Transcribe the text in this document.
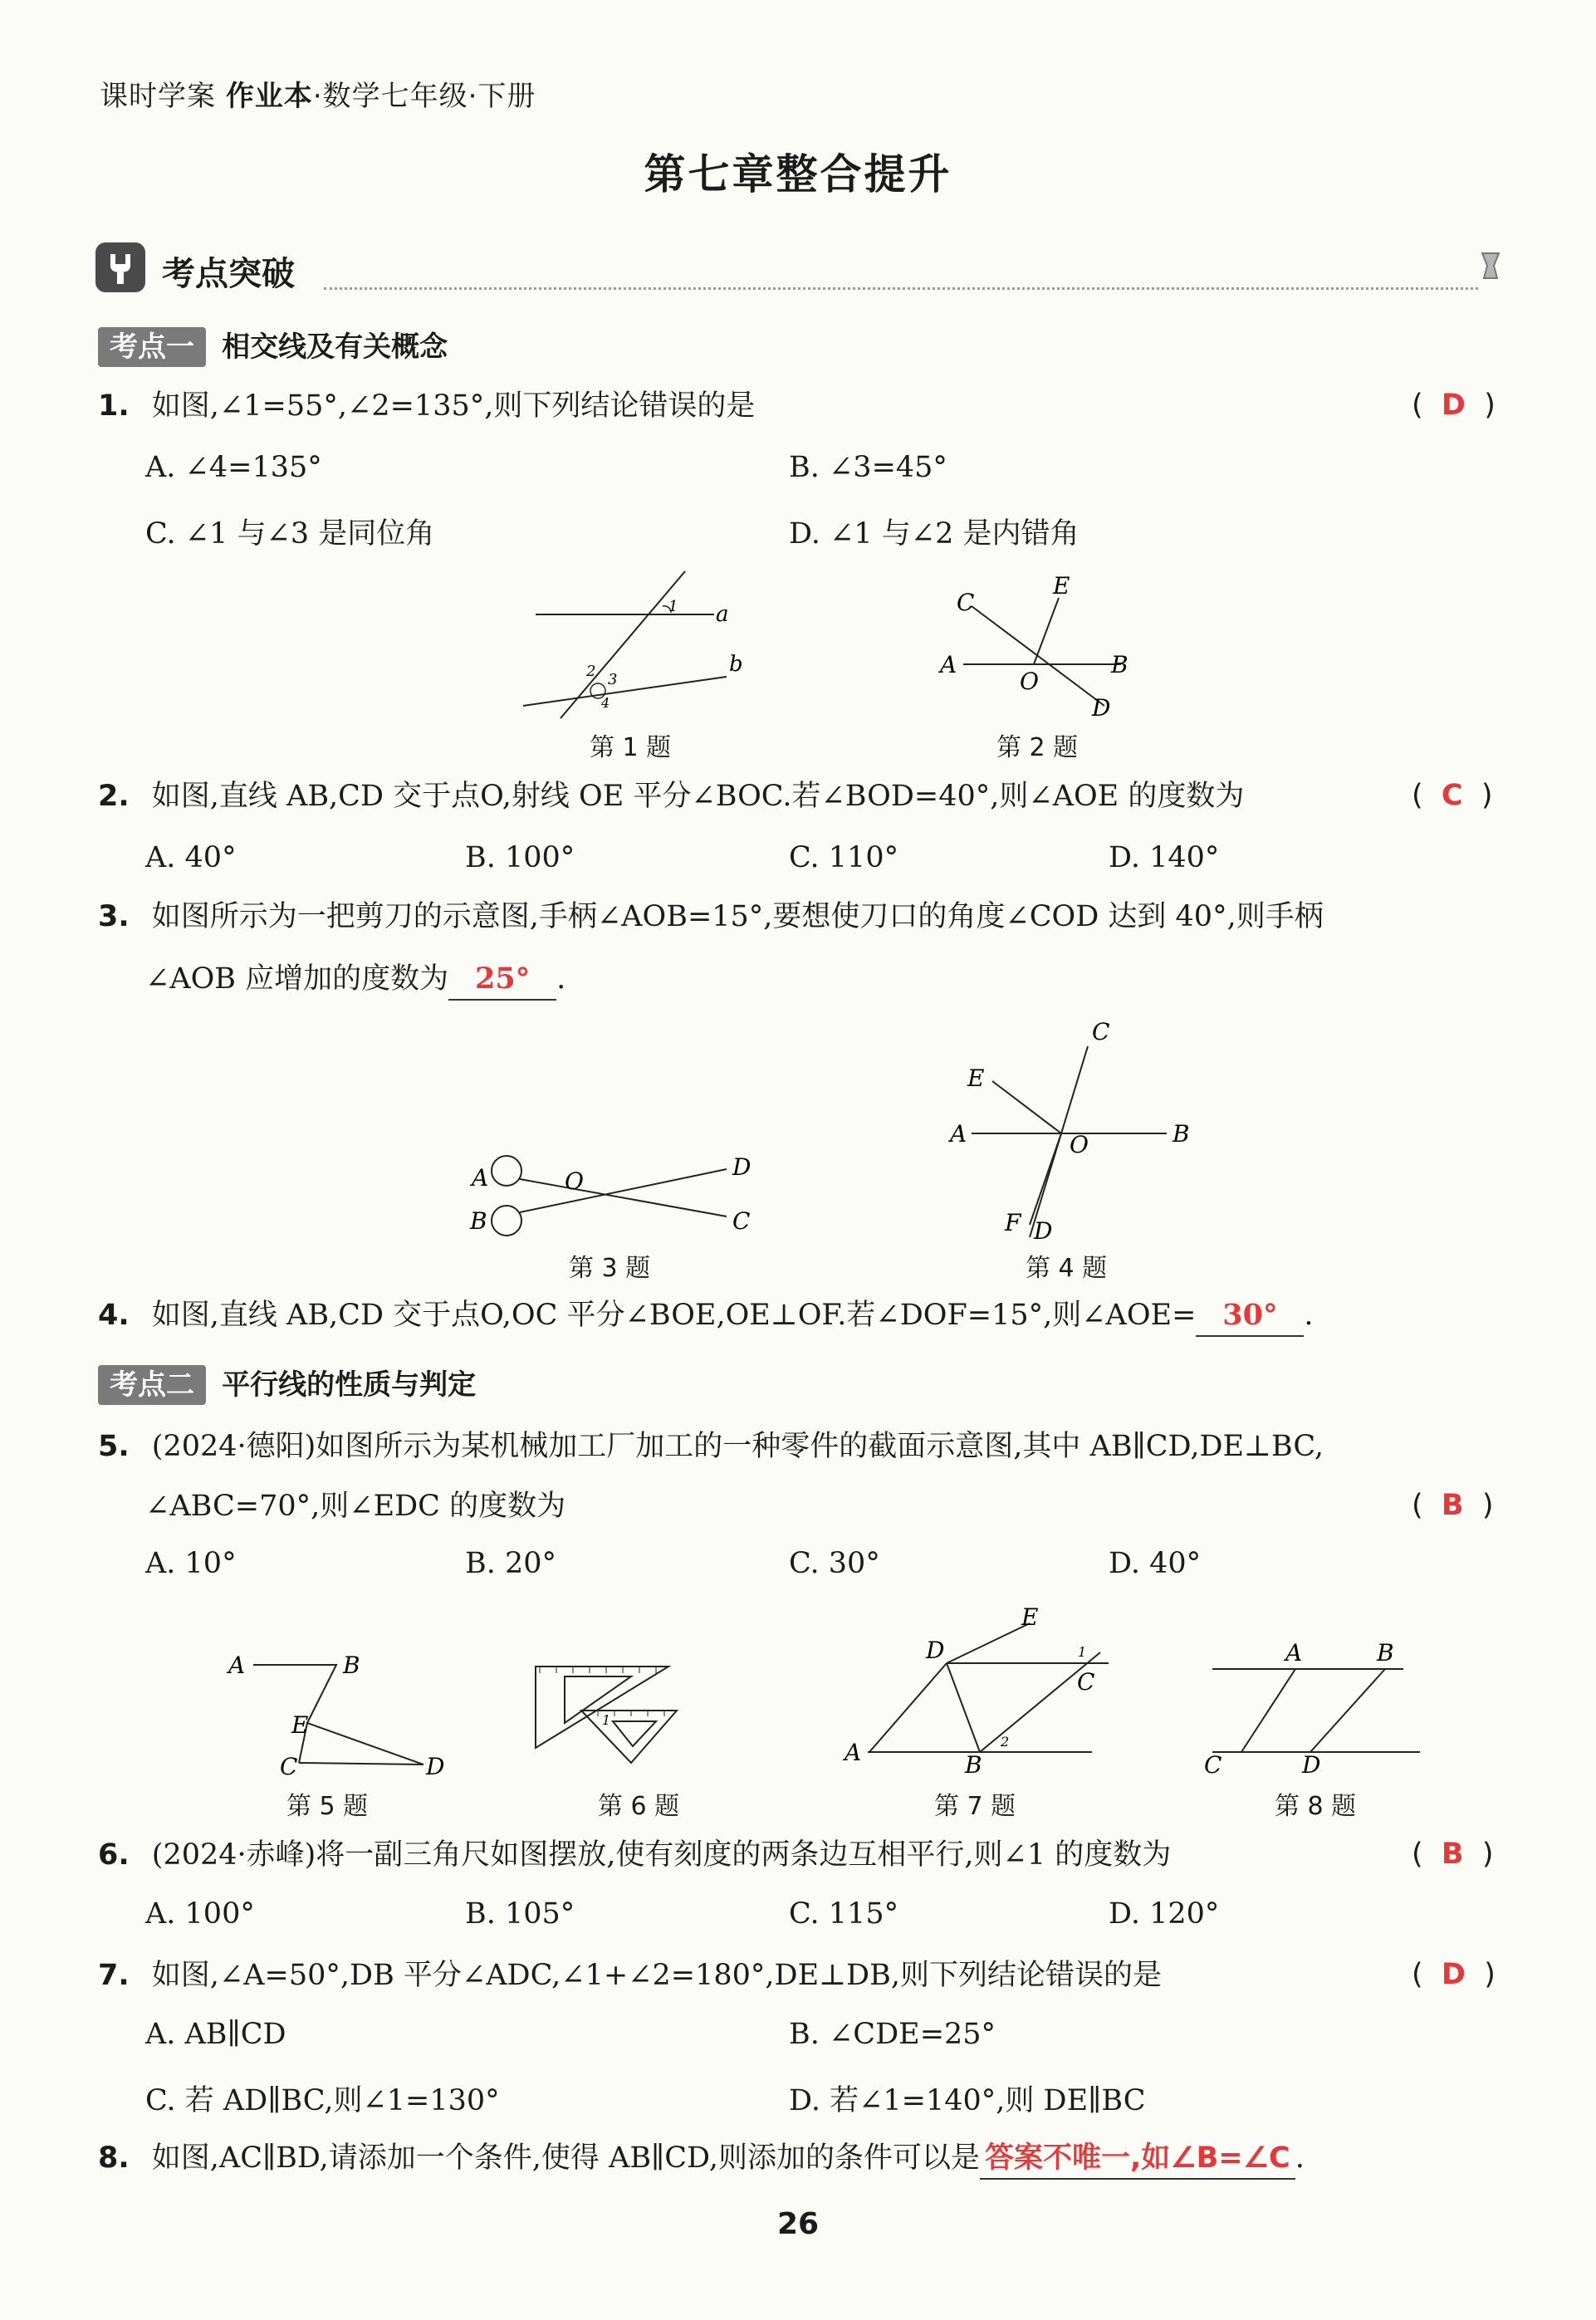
课时学案 作业本·数学七年级·下册
第七章整合提升
考点突破
考点一 相交线及有关概念
1. 如图,∠1=55°,∠2=135°,则下列结论错误的是	(  D  )
A. ∠4=135°	B. ∠3=45°
C. ∠1 与∠3 是同位角	D. ∠1 与∠2 是内错角
1 a
2 3
4
b
第 1 题
C
E
A
O
B
D
第 2 题
2. 如图,直线 AB,CD 交于点O,射线 OE 平分∠BOC.若∠BOD=40°,则∠AOE 的度数为	(  C  )
A. 40°	B. 100°	C. 110°	D. 140°
3. 如图所示为一把剪刀的示意图,手柄∠AOB=15°,要想使刀口的角度∠COD 达到 40°,则手柄
∠AOB 应增加的度数为 25° .
A	O
D
B	C
第 3 题
C
E
A	O	B
F D
第 4 题
4. 如图,直线 AB,CD 交于点O,OC 平分∠BOE,OE⊥OF.若∠DOF=15°,则∠AOE= 30° .
考点二 平行线的性质与判定
5. (2024·德阳)如图所示为某机械加工厂加工的一种零件的截面示意图,其中 AB∥CD,DE⊥BC,
∠ABC=70°,则∠EDC 的度数为	(  B  )
A. 10°	B. 20°	C. 30°	D. 40°
A	B
E
C	D
第 5 题
1
第 6 题
D
E
1
C
A	B
2
第 7 题
A	B
C	D
第 8 题
6. (2024·赤峰)将一副三角尺如图摆放,使有刻度的两条边互相平行,则∠1 的度数为	(  B  )
A. 100°	B. 105°	C. 115°	D. 120°
7. 如图,∠A=50°,DB 平分∠ADC,∠1+∠2=180°,DE⊥DB,则下列结论错误的是	(  D  )
A. AB∥CD	B. ∠CDE=25°
C. 若 AD∥BC,则∠1=130°	D. 若∠1=140°,则 DE∥BC
8. 如图,AC∥BD,请添加一个条件,使得 AB∥CD,则添加的条件可以是 答案不唯一,如∠B=∠C .
26
